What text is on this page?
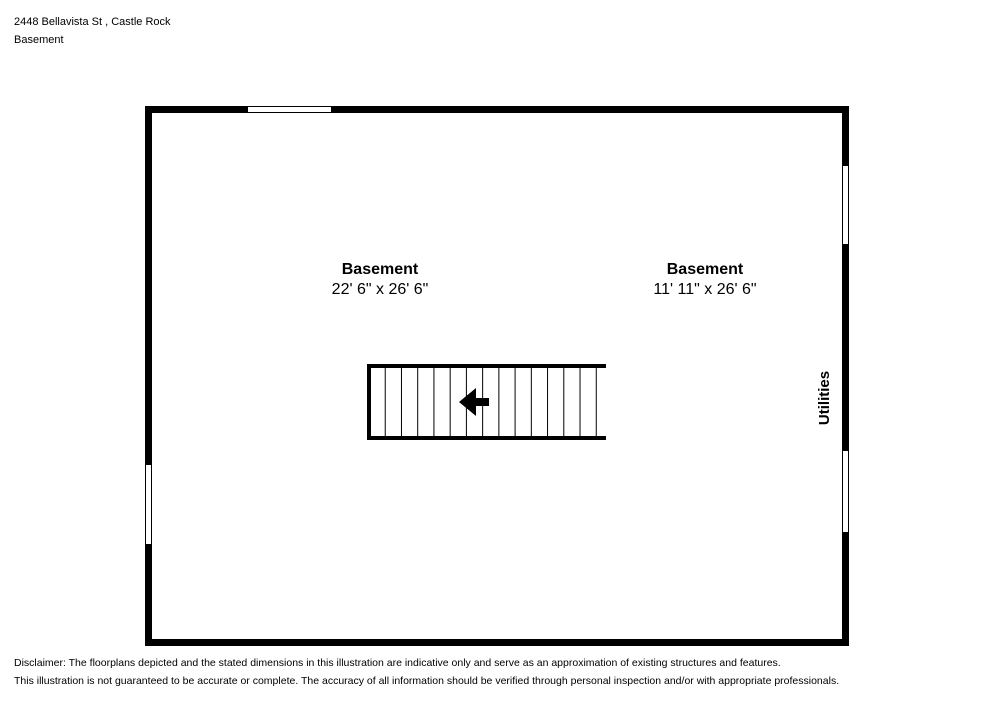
2448 Bellavista St , Castle Rock
Basement
Basement
22' 6" x 26' 6"
Basement
11' 11" x 26' 6"
Utilities
Disclaimer: The floorplans depicted and the stated dimensions in this illustration are indicative only and serve as an approximation of existing structures and features.
This illustration is not guaranteed to be accurate or complete. The accuracy of all information should be verified through personal inspection and/or with appropriate professionals.
